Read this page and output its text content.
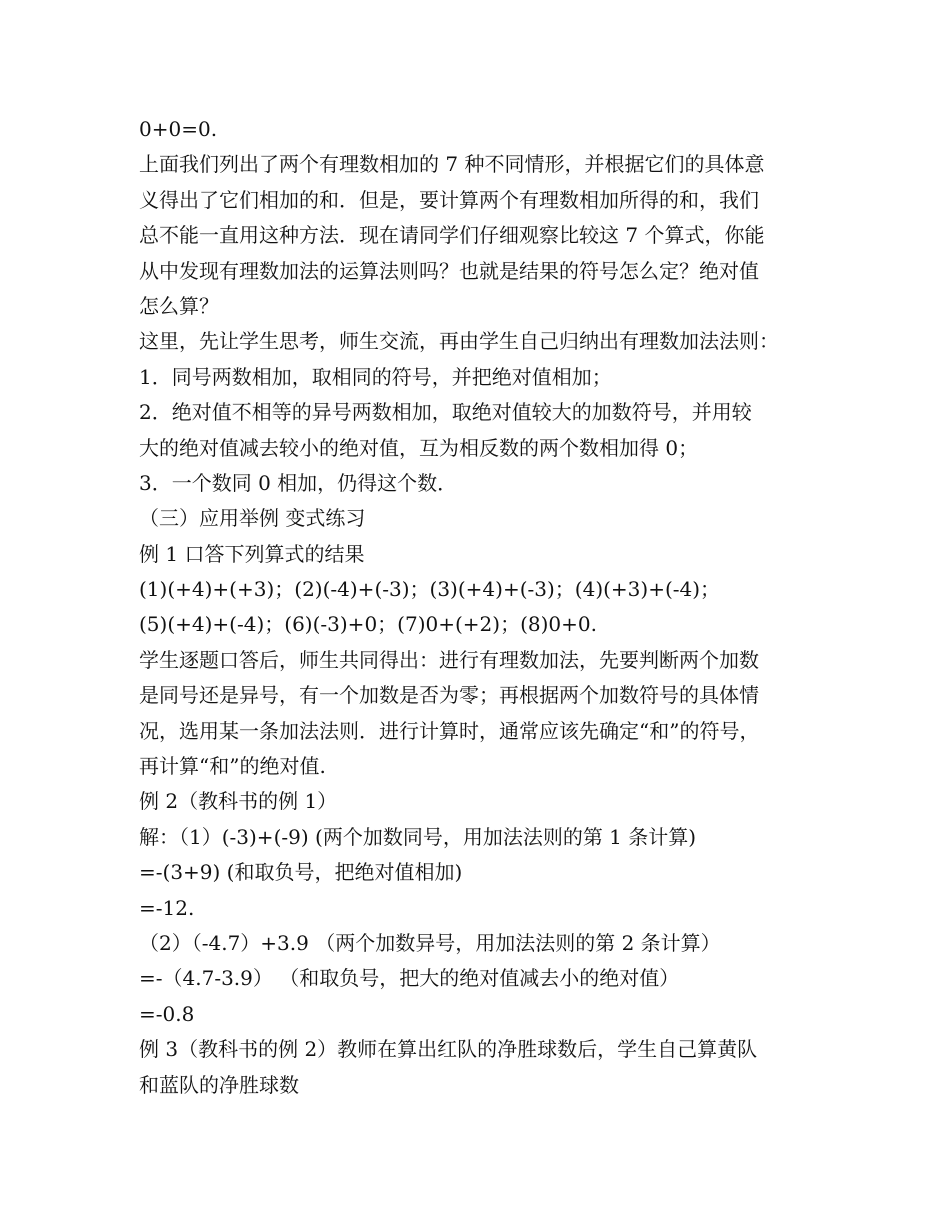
0+0=0.

上面我们列出了两个有理数相加的 7 种不同情形，并根据它们的具体意

义得出了它们相加的和．但是，要计算两个有理数相加所得的和，我们

总不能一直用这种方法．现在请同学们仔细观察比较这 7 个算式，你能

从中发现有理数加法的运算法则吗？也就是结果的符号怎么定？绝对值

怎么算？

这里，先让学生思考，师生交流，再由学生自己归纳出有理数加法法则：

1．同号两数相加，取相同的符号，并把绝对值相加；

2．绝对值不相等的异号两数相加，取绝对值较大的加数符号，并用较

大的绝对值减去较小的绝对值，互为相反数的两个数相加得 0；

3．一个数同 0 相加，仍得这个数．

（三）应用举例 变式练习

例 1 口答下列算式的结果

(1)(+4)+(+3)；(2)(-4)+(-3)；(3)(+4)+(-3)；(4)(+3)+(-4)；

(5)(+4)+(-4)；(6)(-3)+0；(7)0+(+2)；(8)0+0.

学生逐题口答后，师生共同得出：进行有理数加法，先要判断两个加数

是同号还是异号，有一个加数是否为零；再根据两个加数符号的具体情

况，选用某一条加法法则．进行计算时，通常应该先确定“和”的符号，

再计算“和”的绝对值.

例 2（教科书的例 1）

解：（1）(-3)+(-9) (两个加数同号，用加法法则的第 1 条计算)

=-(3+9) (和取负号，把绝对值相加)

=-12.

（2）（-4.7）+3.9 （两个加数异号，用加法法则的第 2 条计算）

=-（4.7-3.9） （和取负号，把大的绝对值减去小的绝对值）

=-0.8

例 3（教科书的例 2）教师在算出红队的净胜球数后，学生自己算黄队

和蓝队的净胜球数
